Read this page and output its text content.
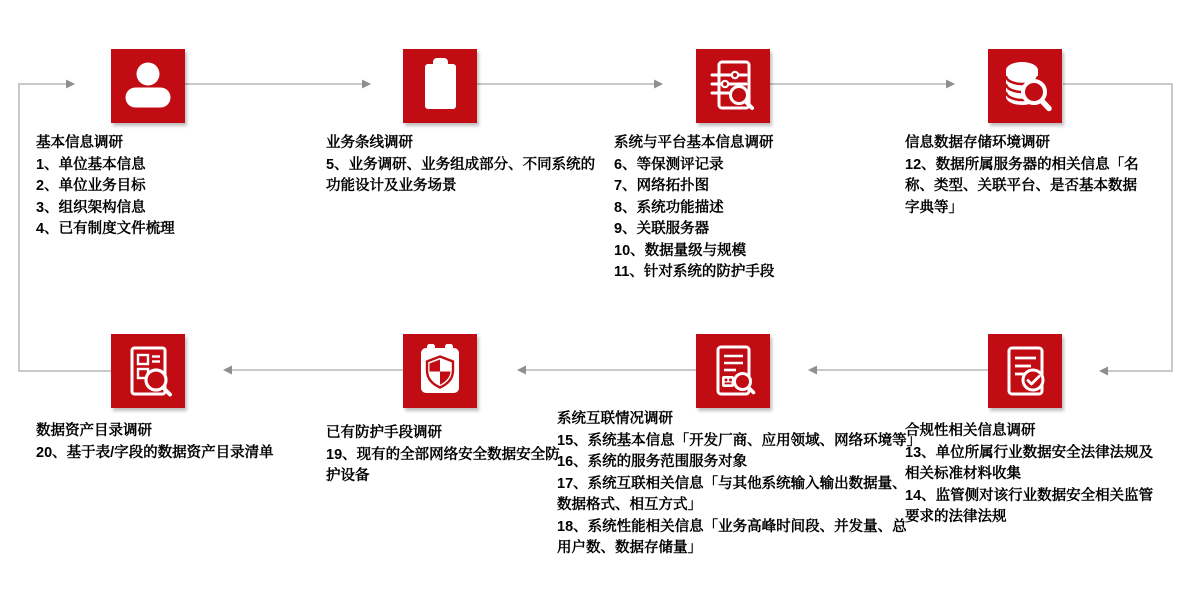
基本信息调研
1、单位基本信息
2、单位业务目标
3、组织架构信息
4、已有制度文件梳理
业务条线调研
5、业务调研、业务组成部分、不同系统的
功能设计及业务场景
系统与平台基本信息调研
6、等保测评记录
7、网络拓扑图
8、系统功能描述
9、关联服务器
10、数据量级与规模
11、针对系统的防护手段
信息数据存储环境调研
12、数据所属服务器的相关信息「名
称、类型、关联平台、是否基本数据
字典等」
合规性相关信息调研
13、单位所属行业数据安全法律法规及
相关标准材料收集
14、监管侧对该行业数据安全相关监管
要求的法律法规
系统互联情况调研
15、系统基本信息「开发厂商、应用领域、网络环境等」
16、系统的服务范围服务对象
17、系统互联相关信息「与其他系统输入输出数据量、
数据格式、相互方式」
18、系统性能相关信息「业务高峰时间段、并发量、总
用户数、数据存储量」
已有防护手段调研
19、现有的全部网络安全数据安全防
护设备
数据资产目录调研
20、基于表/字段的数据资产目录清单
